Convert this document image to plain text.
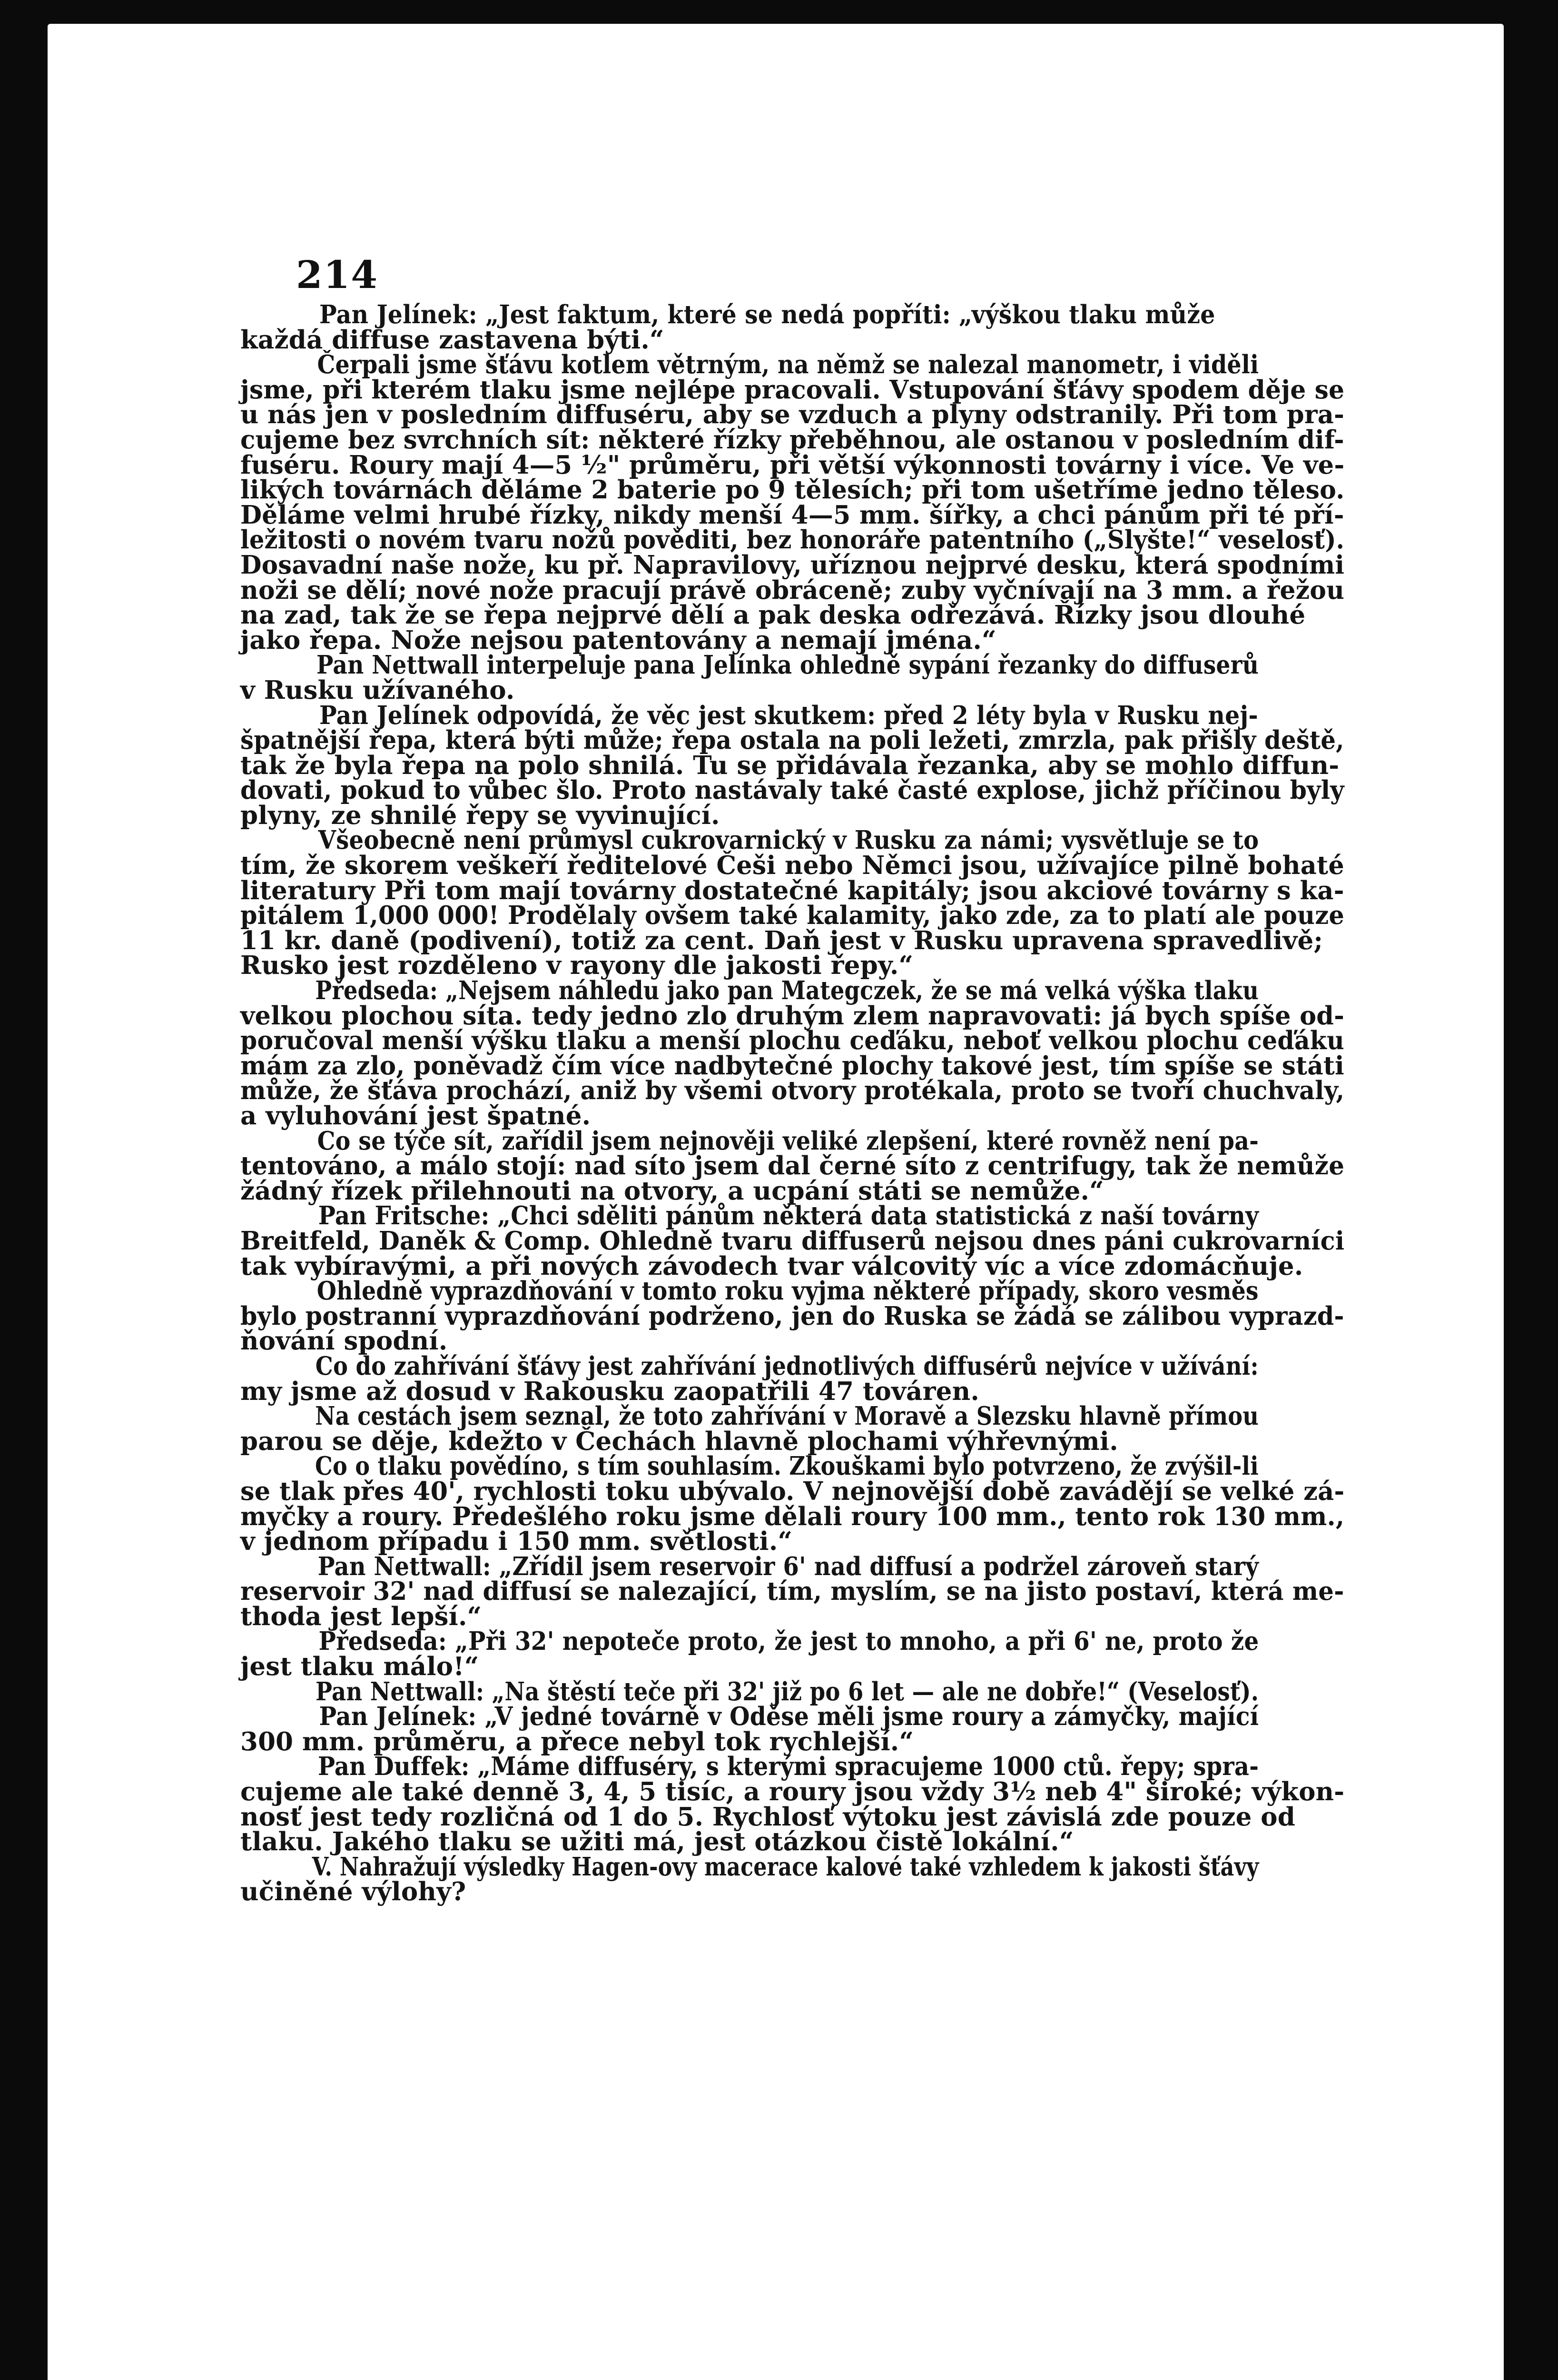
214
Pan Jelínek: „Jest faktum, které se nedá popříti: „výškou tlaku může
každá diffuse zastavena býti.“
Čerpali jsme šťávu kotlem větrným, na němž se nalezal manometr, i viděli
jsme, při kterém tlaku jsme nejlépe pracovali. Vstupování šťávy spodem děje se
u nás jen v posledním diffuséru, aby se vzduch a plyny odstranily. Při tom pra-
cujeme bez svrchních sít: některé řízky přeběhnou, ale ostanou v posledním dif-
fuséru. Roury mají 4—5 ½" průměru, při větší výkonnosti továrny i více. Ve ve-
likých továrnách děláme 2 baterie po 9 tělesích; při tom ušetříme jedno těleso.
Děláme velmi hrubé řízky, nikdy menší 4—5 mm. šířky, a chci pánům při té pří-
ležitosti o novém tvaru nožů pověditi, bez honoráře patentního („Slyšte!“ veselosť).
Dosavadní naše nože, ku př. Napravilovy, uříznou nejprvé desku, která spodními
noži se dělí; nové nože pracují právě obráceně; zuby vyčnívají na 3 mm. a řežou
na zad, tak že se řepa nejprvé dělí a pak deska odřezává. Řízky jsou dlouhé
jako řepa. Nože nejsou patentovány a nemají jména.“
Pan Nettwall interpeluje pana Jelínka ohledně sypání řezanky do diffuserů
v Rusku užívaného.
Pan Jelínek odpovídá, že věc jest skutkem: před 2 léty byla v Rusku nej-
špatnější řepa, která býti může; řepa ostala na poli ležeti, zmrzla, pak přišly deště,
tak že byla řepa na polo shnilá. Tu se přidávala řezanka, aby se mohlo diffun-
dovati, pokud to vůbec šlo. Proto nastávaly také časté explose, jichž příčinou byly
plyny, ze shnilé řepy se vyvinující.
Všeobecně není průmysl cukrovarnický v Rusku za námi; vysvětluje se to
tím, že skorem veškeří ředitelové Češi nebo Němci jsou, užívajíce pilně bohaté
literatury Při tom mají továrny dostatečné kapitály; jsou akciové továrny s ka-
pitálem 1,000 000! Prodělaly ovšem také kalamity, jako zde, za to platí ale pouze
11 kr. daně (podivení), totiž za cent. Daň jest v Rusku upravena spravedlivě;
Rusko jest rozděleno v rayony dle jakosti řepy.“
Předseda: „Nejsem náhledu jako pan Mategczek, že se má velká výška tlaku
velkou plochou síta. tedy jedno zlo druhým zlem napravovati: já bych spíše od-
poručoval menší výšku tlaku a menší plochu ceďáku, neboť velkou plochu ceďáku
mám za zlo, poněvadž čím více nadbytečné plochy takové jest, tím spíše se státi
může, že šťáva prochází, aniž by všemi otvory protékala, proto se tvoří chuchvaly,
a vyluhování jest špatné.
Co se týče sít, zařídil jsem nejnověji veliké zlepšení, které rovněž není pa-
tentováno, a málo stojí: nad síto jsem dal černé síto z centrifugy, tak že nemůže
žádný řízek přilehnouti na otvory, a ucpání státi se nemůže.“
Pan Fritsche: „Chci sděliti pánům některá data statistická z naší továrny
Breitfeld, Daněk & Comp. Ohledně tvaru diffuserů nejsou dnes páni cukrovarníci
tak vybíravými, a při nových závodech tvar válcovitý víc a více zdomácňuje.
Ohledně vyprazdňování v tomto roku vyjma některé případy, skoro vesměs
bylo postranní vyprazdňování podrženo, jen do Ruska se žádá se zálibou vyprazd-
ňování spodní.
Co do zahřívání šťávy jest zahřívání jednotlivých diffusérů nejvíce v užívání:
my jsme až dosud v Rakousku zaopatřili 47 továren.
Na cestách jsem seznal, že toto zahřívání v Moravě a Slezsku hlavně přímou
parou se děje, kdežto v Čechách hlavně plochami výhřevnými.
Co o tlaku povědíno, s tím souhlasím. Zkouškami bylo potvrzeno, že zvýšil-li
se tlak přes 40', rychlosti toku ubývalo. V nejnovější době zavádějí se velké zá-
myčky a roury. Předešlého roku jsme dělali roury 100 mm., tento rok 130 mm.,
v jednom případu i 150 mm. světlosti.“
Pan Nettwall: „Zřídil jsem reservoir 6' nad diffusí a podržel zároveň starý
reservoir 32' nad diffusí se nalezající, tím, myslím, se na jisto postaví, která me-
thoda jest lepší.“
Předseda: „Při 32' nepoteče proto, že jest to mnoho, a při 6' ne, proto že
jest tlaku málo!“
Pan Nettwall: „Na štěstí teče při 32' již po 6 let — ale ne dobře!“ (Veselosť).
Pan Jelínek: „V jedné továrně v Oděse měli jsme roury a zámyčky, mající
300 mm. průměru, a přece nebyl tok rychlejší.“
Pan Duffek: „Máme diffuséry, s kterými spracujeme 1000 ctů. řepy; spra-
cujeme ale také denně 3, 4, 5 tisíc, a roury jsou vždy 3½ neb 4" široké; výkon-
nosť jest tedy rozličná od 1 do 5. Rychlosť výtoku jest závislá zde pouze od
tlaku. Jakého tlaku se užiti má, jest otázkou čistě lokální.“
V. Nahražují výsledky Hagen-ovy macerace kalové také vzhledem k jakosti šťávy
učiněné výlohy?
